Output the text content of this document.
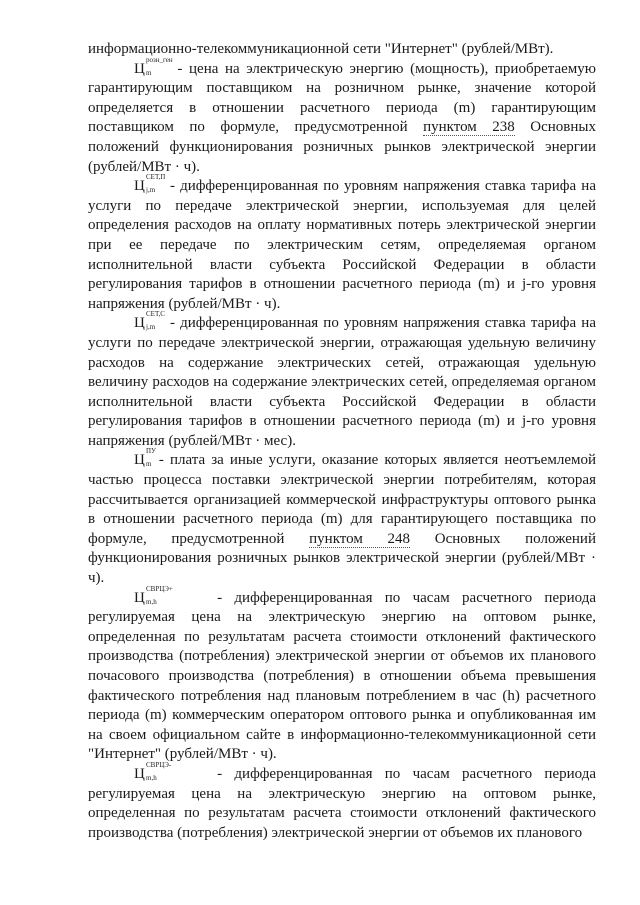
информационно-телекоммуникационной сети "Интернет" (рублей/МВт).

Ц
розн_ген
m - цена на электрическую энергию (мощность), приобретаемую гарантирующим поставщиком на розничном рынке, значение которой определяется в отношении расчетного периода (m) гарантирующим поставщиком по формуле, предусмотренной пунктом 238 Основных положений функционирования розничных рынков электрической энергии (рублей/МВт · ч).

Ц
СЕТ,П
j,m - дифференцированная по уровням напряжения ставка тарифа на услуги по передаче электрической энергии, используемая для целей определения расходов на оплату нормативных потерь электрической энергии при ее передаче по электрическим сетям, определяемая органом исполнительной власти субъекта Российской Федерации в области регулирования тарифов в отношении расчетного периода (m) и j-го уровня напряжения (рублей/МВт · ч).

Ц
СЕТ,С
j,m - дифференцированная по уровням напряжения ставка тарифа на услуги по передаче электрической энергии, отражающая удельную величину расходов на содержание электрических сетей, отражающая удельную величину расходов на содержание электрических сетей, определяемая органом исполнительной власти субъекта Российской Федерации в области регулирования тарифов в отношении расчетного периода (m) и j-го уровня напряжения (рублей/МВт · мес).

Ц
ПУ
m - плата за иные услуги, оказание которых является неотъемлемой частью процесса поставки электрической энергии потребителям, которая рассчитывается организацией коммерческой инфраструктуры оптового рынка в отношении расчетного периода (m) для гарантирующего поставщика по формуле, предусмотренной пунктом 248 Основных положений функционирования розничных рынков электрической энергии (рублей/МВт · ч).

Ц
СВРЦЭ+
m,h	- дифференцированная по часам расчетного периода регулируемая цена на электрическую энергию на оптовом рынке, определенная по результатам расчета стоимости отклонений фактического производства (потребления) электрической энергии от объемов их планового почасового производства (потребления) в отношении объема превышения фактического потребления над плановым потреблением в час (h) расчетного периода (m) коммерческим оператором оптового рынка и опубликованная им на своем официальном сайте в информационно-телекоммуникационной сети "Интернет" (рублей/МВт · ч).

Ц
СВРЦЭ-
m,h	- дифференцированная по часам расчетного периода регулируемая цена на электрическую энергию на оптовом рынке, определенная по результатам расчета стоимости отклонений фактического производства (потребления) электрической энергии от объемов их планового
